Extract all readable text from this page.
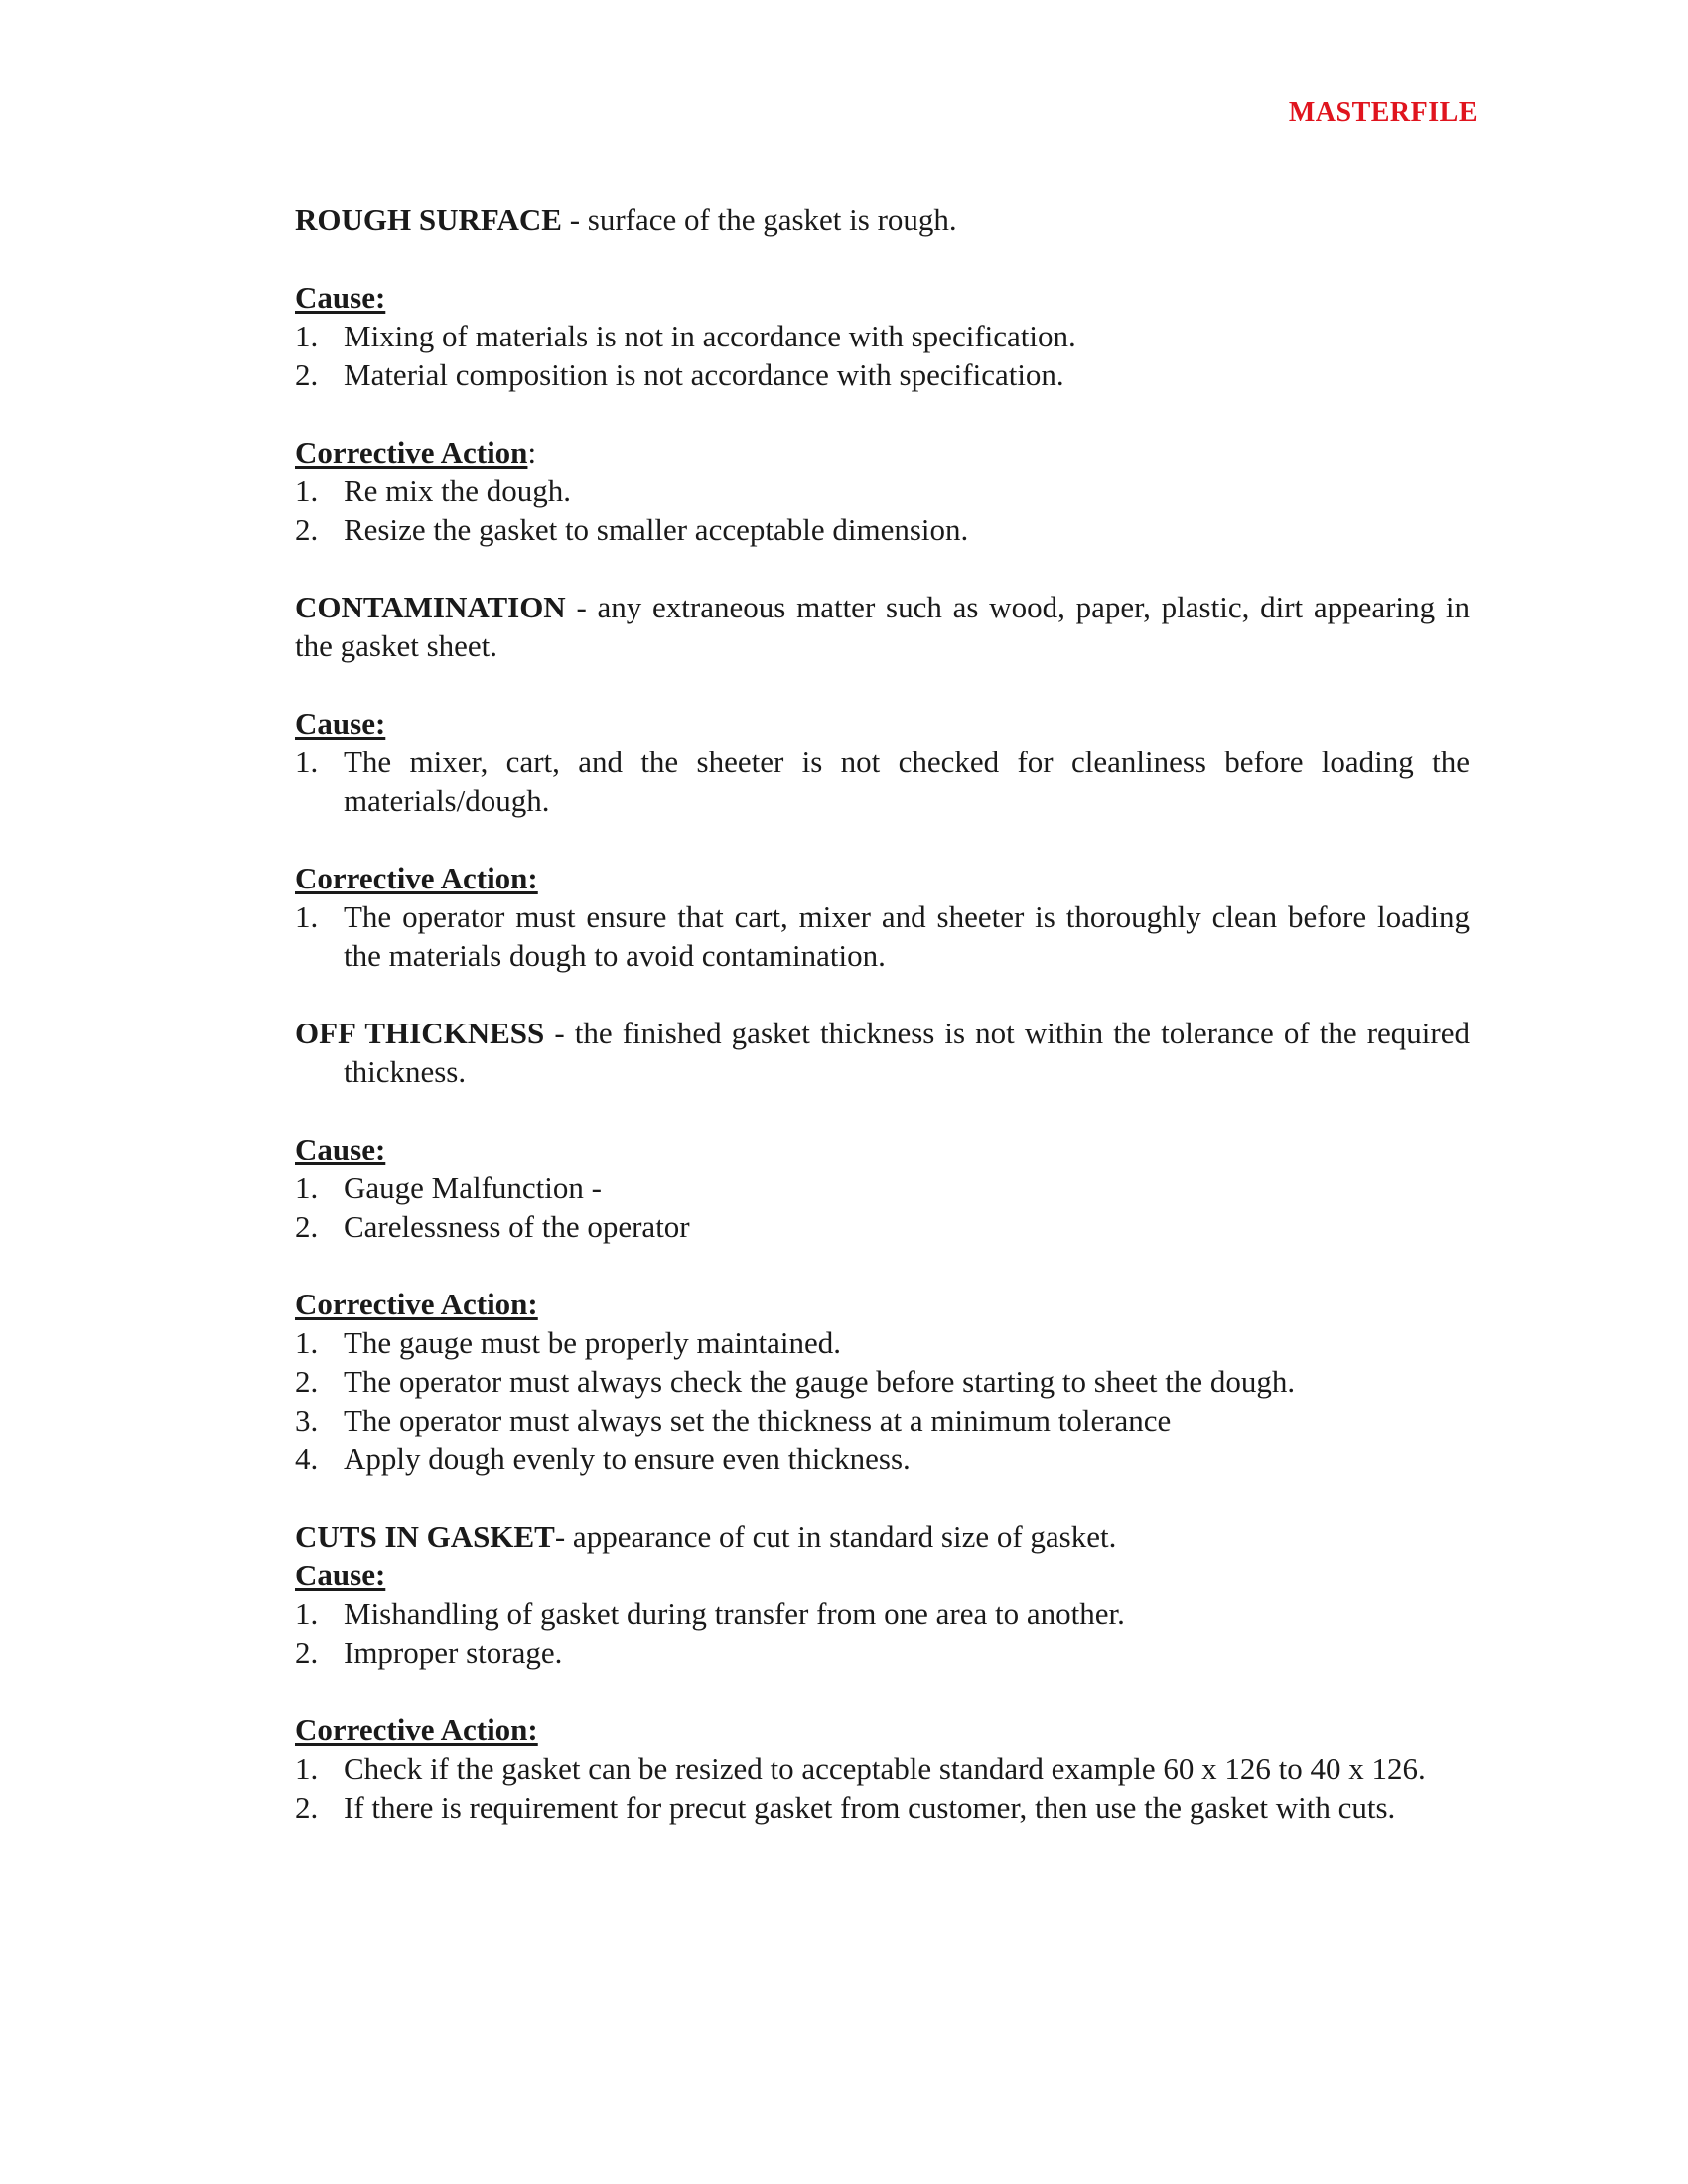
MASTERFILE
ROUGH SURFACE - surface of the gasket is rough.
Cause:
1. Mixing of materials is not in accordance with specification.
2. Material composition is not accordance with specification.
Corrective Action:
1. Re mix the dough.
2. Resize the gasket to smaller acceptable dimension.
CONTAMINATION - any extraneous matter such as wood, paper, plastic, dirt appearing in the gasket sheet.
Cause:
1. The mixer, cart, and the sheeter is not checked for cleanliness before loading the materials/dough.
Corrective Action:
1. The operator must ensure that cart, mixer and sheeter is thoroughly clean before loading the materials dough to avoid contamination.
OFF THICKNESS - the finished gasket thickness is not within the tolerance of the required thickness.
Cause:
1. Gauge Malfunction -
2. Carelessness of the operator
Corrective Action:
1. The gauge must be properly maintained.
2. The operator must always check the gauge before starting to sheet the dough.
3. The operator must always set the thickness at a minimum tolerance
4. Apply dough evenly to ensure even thickness.
CUTS IN GASKET- appearance of cut in standard size of gasket.
Cause:
1. Mishandling of gasket during transfer from one area to another.
2. Improper storage.
Corrective Action:
1. Check if the gasket can be resized to acceptable standard example 60 x 126 to 40 x 126.
2. If there is requirement for precut gasket from customer, then use the gasket with cuts.
